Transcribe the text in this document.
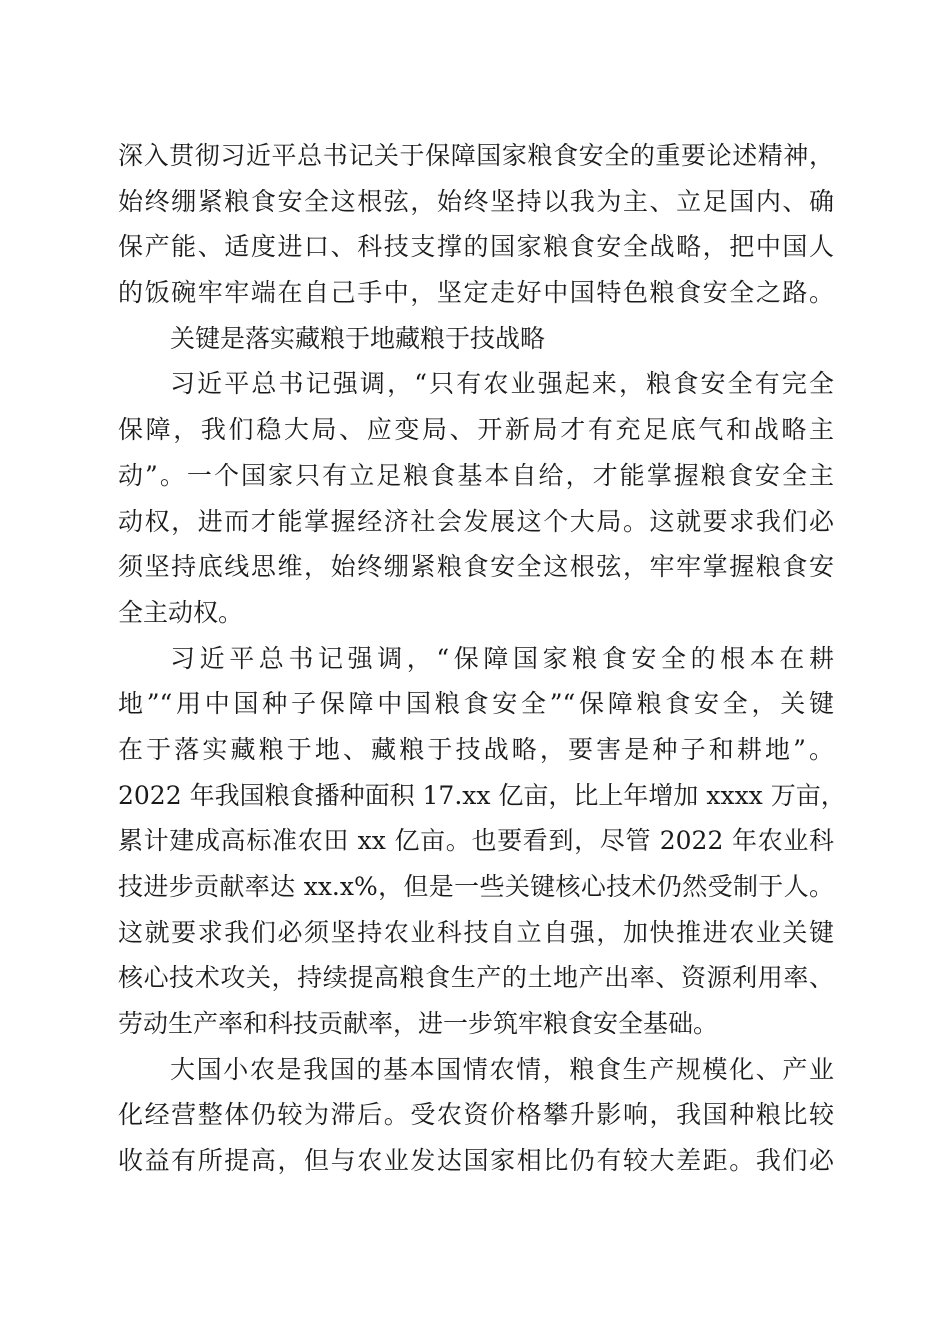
深入贯彻习近平总书记关于保障国家粮食安全的重要论述精神，
始终绷紧粮食安全这根弦，始终坚持以我为主、立足国内、确
保产能、适度进口、科技支撑的国家粮食安全战略，把中国人
的饭碗牢牢端在自己手中，坚定走好中国特色粮食安全之路。
关键是落实藏粮于地藏粮于技战略
习近平总书记强调，“只有农业强起来，粮食安全有完全
保障，我们稳大局、应变局、开新局才有充足底气和战略主
动”。一个国家只有立足粮食基本自给，才能掌握粮食安全主
动权，进而才能掌握经济社会发展这个大局。这就要求我们必
须坚持底线思维，始终绷紧粮食安全这根弦，牢牢掌握粮食安
全主动权。
习近平总书记强调，“保障国家粮食安全的根本在耕
地”“用中国种子保障中国粮食安全”“保障粮食安全，关键
在于落实藏粮于地、藏粮于技战略，要害是种子和耕地”。
2022 年我国粮食播种面积 17.xx 亿亩，比上年增加 xxxx 万亩，
累计建成高标准农田 xx 亿亩。也要看到，尽管 2022 年农业科
技进步贡献率达 xx.x%，但是一些关键核心技术仍然受制于人。
这就要求我们必须坚持农业科技自立自强，加快推进农业关键
核心技术攻关，持续提高粮食生产的土地产出率、资源利用率、
劳动生产率和科技贡献率，进一步筑牢粮食安全基础。
大国小农是我国的基本国情农情，粮食生产规模化、产业
化经营整体仍较为滞后。受农资价格攀升影响，我国种粮比较
收益有所提高，但与农业发达国家相比仍有较大差距。我们必
